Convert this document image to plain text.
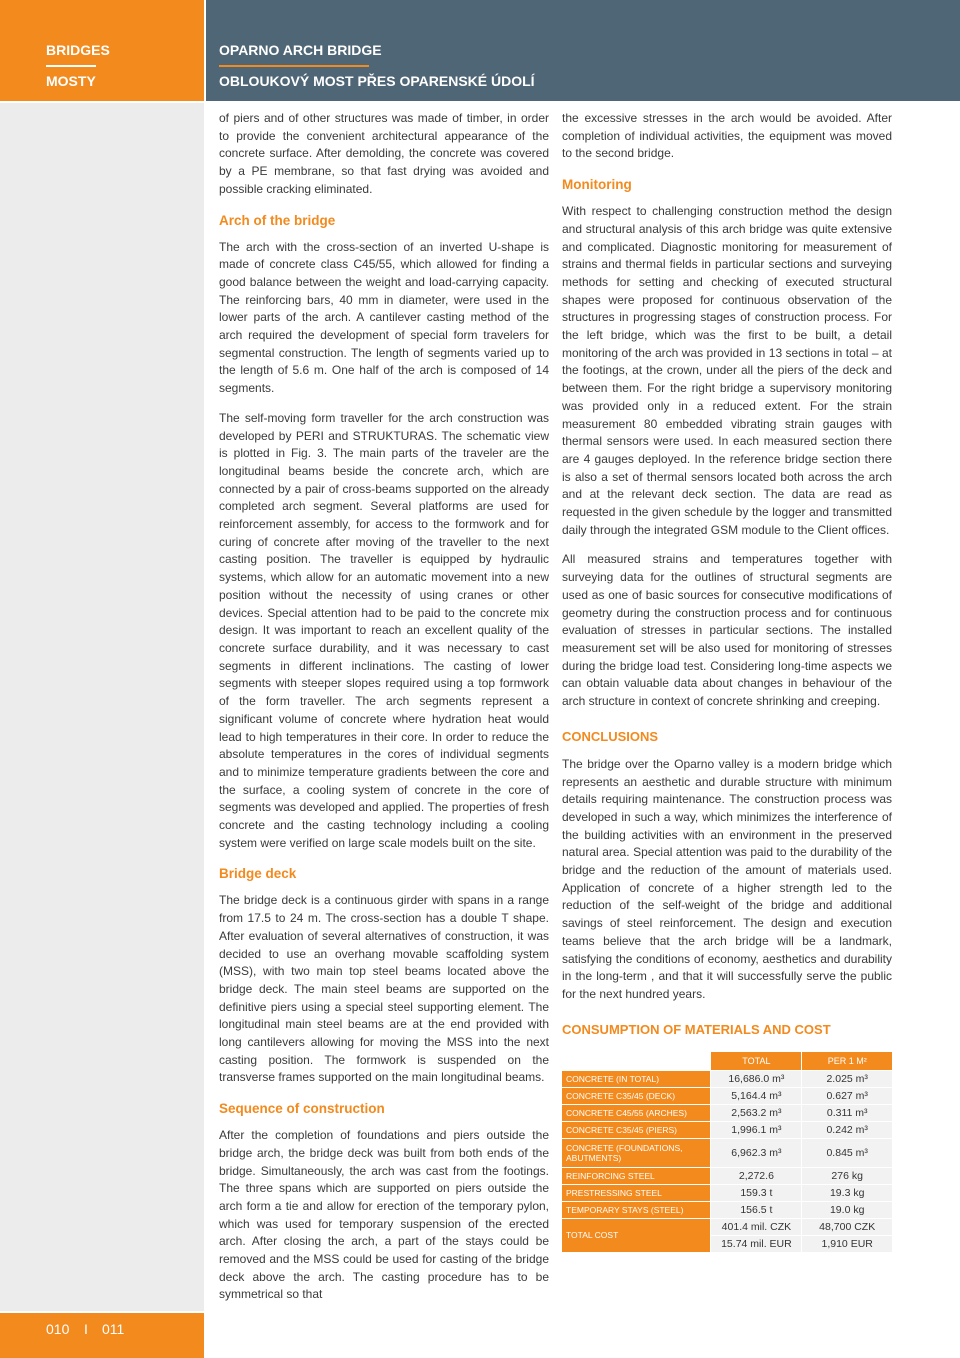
BRIDGES
MOSTY
OPARNO ARCH BRIDGE
OBLOUKOVÝ MOST PŘES OPARENSKÉ ÚDOLÍ
010 I 011

of piers and of other structures was made of timber, in order to provide the convenient architectural appearance of the concrete surface. After demolding, the concrete was covered by a PE membrane, so that fast drying was avoided and possible cracking eliminated.

Arch of the bridge

The arch with the cross-section of an inverted U-shape is made of concrete class C45/55, which allowed for finding a good balance between the weight and load-carrying capacity. The reinforcing bars, 40 mm in diameter, were used in the lower parts of the arch. A cantilever casting method of the arch required the development of special form travelers for segmental construction. The length of segments varied up to the length of 5.6 m. One half of the arch is composed of 14 segments.

The self-moving form traveller for the arch construction was developed by PERI and STRUKTURAS. The schematic view is plotted in Fig. 3. The main parts of the traveler are the longitudinal beams beside the concrete arch, which are connected by a pair of cross-beams supported on the already completed arch segment. Several platforms are used for reinforcement assembly, for access to the formwork and for curing of concrete after moving of the traveller to the next casting position. The traveller is equipped by hydraulic systems, which allow for an automatic movement into a new position without the necessity of using cranes or other devices. Special attention had to be paid to the concrete mix design. It was important to reach an excellent quality of the concrete surface durability, and it was necessary to cast segments in different inclinations. The casting of lower segments with steeper slopes required using a top formwork of the form traveller. The arch segments represent a significant volume of concrete where hydration heat would lead to high temperatures in their core. In order to reduce the absolute temperatures in the cores of individual segments and to minimize temperature gradients between the core and the surface, a cooling system of concrete in the core of segments was developed and applied. The properties of fresh concrete and the casting technology including a cooling system were verified on large scale models built on the site.

Bridge deck

The bridge deck is a continuous girder with spans in a range from 17.5 to 24 m. The cross-section has a double T shape. After evaluation of several alternatives of construction, it was decided to use an overhang movable scaffolding system (MSS), with two main top steel beams located above the bridge deck. The main steel beams are supported on the definitive piers using a special steel supporting element. The longitudinal main steel beams are at the end provided with long cantilevers allowing for moving the MSS into the next casting position. The formwork is suspended on the transverse frames supported on the main longitudinal beams.

Sequence of construction

After the completion of foundations and piers outside the bridge arch, the bridge deck was built from both ends of the bridge. Simultaneously, the arch was cast from the footings. The three spans which are supported on piers outside the arch form a tie and allow for erection of the temporary pylon, which was used for temporary suspension of the erected arch. After closing the arch, a part of the stays could be removed and the MSS could be used for casting of the bridge deck above the arch. The casting procedure has to be symmetrical so that

the excessive stresses in the arch would be avoided. After completion of individual activities, the equipment was moved to the second bridge.

Monitoring

With respect to challenging construction method the design and structural analysis of this arch bridge was quite extensive and complicated. Diagnostic monitoring for measurement of strains and thermal fields in particular sections and surveying methods for setting and checking of executed structural shapes were proposed for continuous observation of the structures in progressing stages of construction process. For the left bridge, which was the first to be built, a detail monitoring of the arch was provided in 13 sections in total – at the footings, at the crown, under all the piers of the deck and between them. For the right bridge a supervisory monitoring was provided only in a reduced extent. For the strain measurement 80 embedded vibrating strain gauges with thermal sensors were used. In each measured section there are 4 gauges deployed. In the reference bridge section there is also a set of thermal sensors located both across the arch and at the relevant deck section. The data are read as requested in the given schedule by the logger and transmitted daily through the integrated GSM module to the Client offices.

All measured strains and temperatures together with surveying data for the outlines of structural segments are used as one of basic sources for consecutive modifications of geometry during the construction process and for continuous evaluation of stresses in particular sections. The installed measurement set will be also used for monitoring of stresses during the bridge load test. Considering long-time aspects we can obtain valuable data about changes in behaviour of the arch structure in context of concrete shrinking and creeping.

CONCLUSIONS

The bridge over the Oparno valley is a modern bridge which represents an aesthetic and durable structure with minimum details requiring maintenance. The construction process was developed in such a way, which minimizes the interference of the building activities with an environment in the preserved natural area. Special attention was paid to the durability of the bridge and the reduction of the amount of materials used. Application of concrete of a higher strength led to the reduction of the self-weight of the bridge and additional savings of steel reinforcement. The design and execution teams believe that the arch bridge will be a landmark, satisfying the conditions of economy, aesthetics and durability in the long-term , and that it will successfully serve the public for the next hundred years.

CONSUMPTION OF MATERIALS AND COST
	TOTAL	PER 1 M²
CONCRETE (IN TOTAL)	16,686.0 m³	2.025 m³
CONCRETE C35/45 (DECK)	5,164.4 m³	0.627 m³
CONCRETE C45/55 (ARCHES)	2,563.2 m³	0.311 m³
CONCRETE C35/45 (PIERS)	1,996.1 m³	0.242 m³
CONCRETE (FOUNDATIONS, ABUTMENTS)	6,962.3 m³	0.845 m³
REINFORCING STEEL	2,272.6	276 kg
PRESTRESSING STEEL	159.3 t	19.3 kg
TEMPORARY STAYS (STEEL)	156.5 t	19.0 kg
TOTAL COST	401.4 mil. CZK	48,700 CZK
	15.74 mil. EUR	1,910 EUR
